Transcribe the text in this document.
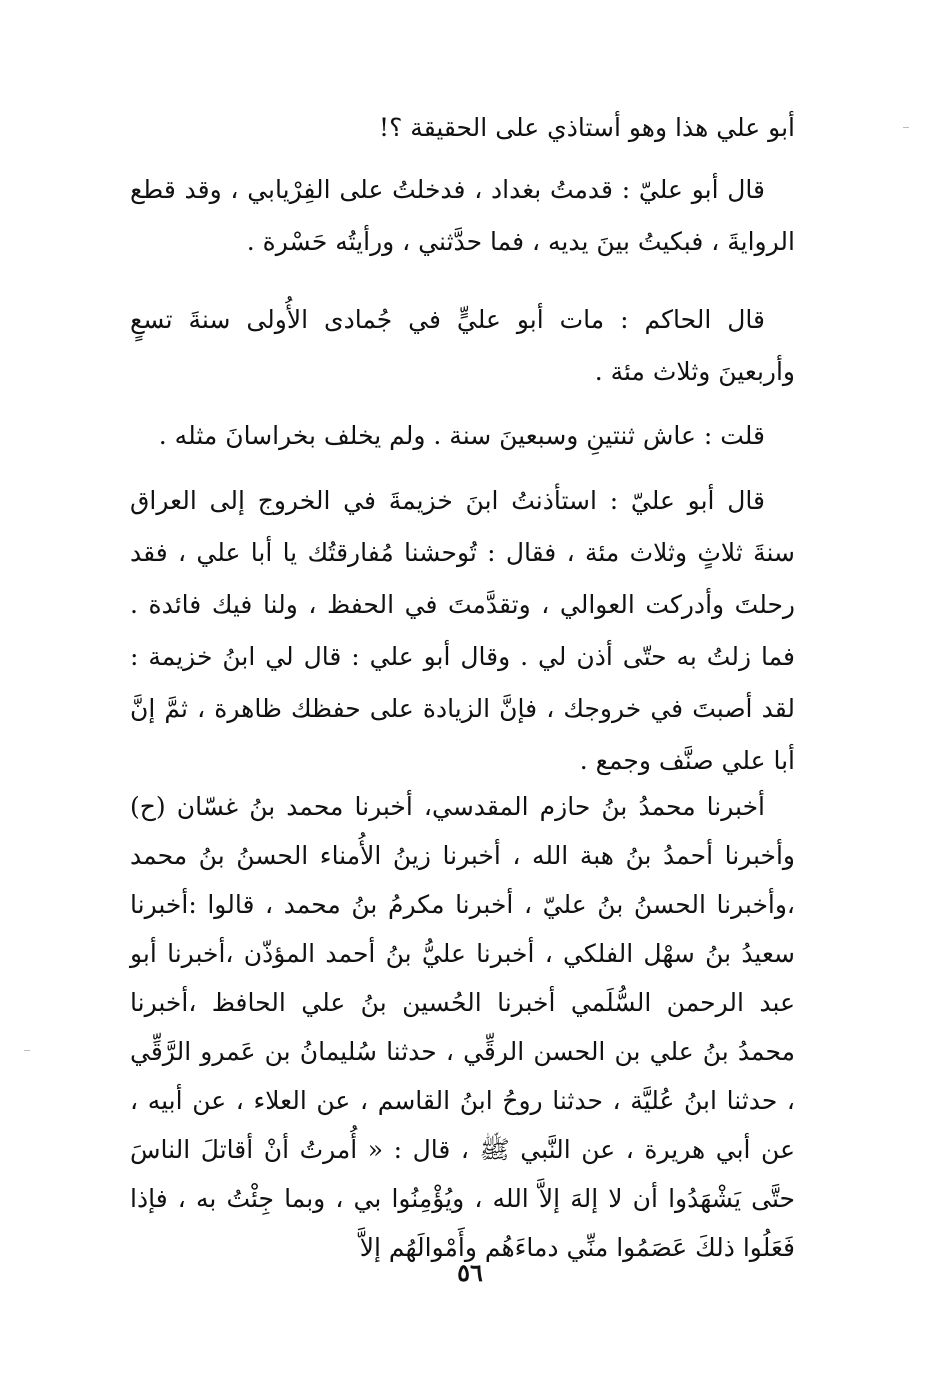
أبو علي هذا وهو أستاذي على الحقيقة ؟!

قال أبو عليّ : قدمتُ بغداد ، فدخلتُ على الفِرْيابي ، وقد قطع الروايةَ ، فبكيتُ بينَ يديه ، فما حدَّثني ، ورأيتُه حَسْرة .

قال الحاكم : مات أبو عليٍّ في جُمادى الأُولى سنةَ تسعٍ وأربعينَ وثلاث مئة .

قلت : عاش ثنتينِ وسبعينَ سنة . ولم يخلف بخراسانَ مثله .

قال أبو عليّ : استأذنتُ ابنَ خزيمةَ في الخروج إلى العراق سنةَ ثلاثٍ وثلاث مئة ، فقال : تُوحشنا مُفارقتُك يا أبا علي ، فقد رحلتَ وأدركت العوالي ، وتقدَّمتَ في الحفظ ، ولنا فيك فائدة . فما زلتُ به حتّى أذن لي . وقال أبو علي : قال لي ابنُ خزيمة : لقد أصبتَ في خروجك ، فإنَّ الزيادة على حفظك ظاهرة ، ثمَّ إنَّ أبا علي صنَّف وجمع .

أخبرنا محمدُ بنُ حازم المقدسي، أخبرنا محمد بنُ غسّان (ح) وأخبرنا أحمدُ بنُ هبة الله ، أخبرنا زينُ الأُمناء الحسنُ بنُ محمد ،وأخبرنا الحسنُ بنُ عليّ ، أخبرنا مكرمُ بنُ محمد ، قالوا :أخبرنا سعيدُ بنُ سهْل الفلكي ، أخبرنا عليُّ بنُ أحمد المؤذّن ،أخبرنا أبو عبد الرحمن السُّلَمي أخبرنا الحُسين بنُ علي الحافظ ،أخبرنا محمدُ بنُ علي بن الحسن الرقِّي ، حدثنا سُليمانُ بن عَمرو الرَّقِّي ، حدثنا ابنُ عُليَّة ، حدثنا روحُ ابنُ القاسم ، عن العلاء ، عن أبيه ، عن أبي هريرة ، عن النَّبي ﷺ ، قال : « أُمرتُ أنْ أقاتلَ الناسَ حتَّى يَشْهَدُوا أن لا إلهَ إلاَّ الله ، ويُؤْمِنُوا بي ، وبما جِئْتُ به ، فإذا فَعَلُوا ذلكَ عَصَمُوا منِّي دماءَهُم وأَمْوالَهُم إلاَّ

٥٦
